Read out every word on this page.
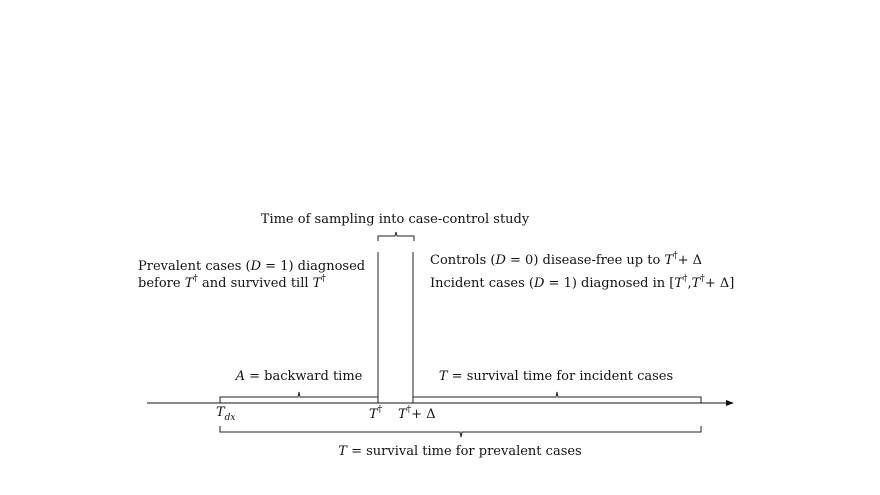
Time of sampling into case-control study
Prevalent cases (D = 1) diagnosed
before T† and survived till T†
Controls (D = 0) disease-free up to T†+ Δ
Incident cases (D = 1) diagnosed in [T†,T†+ Δ]
A = backward time	T = survival time for incident cases
$T_{dx}$	T† T†+ Δ
T = survival time for prevalent cases
